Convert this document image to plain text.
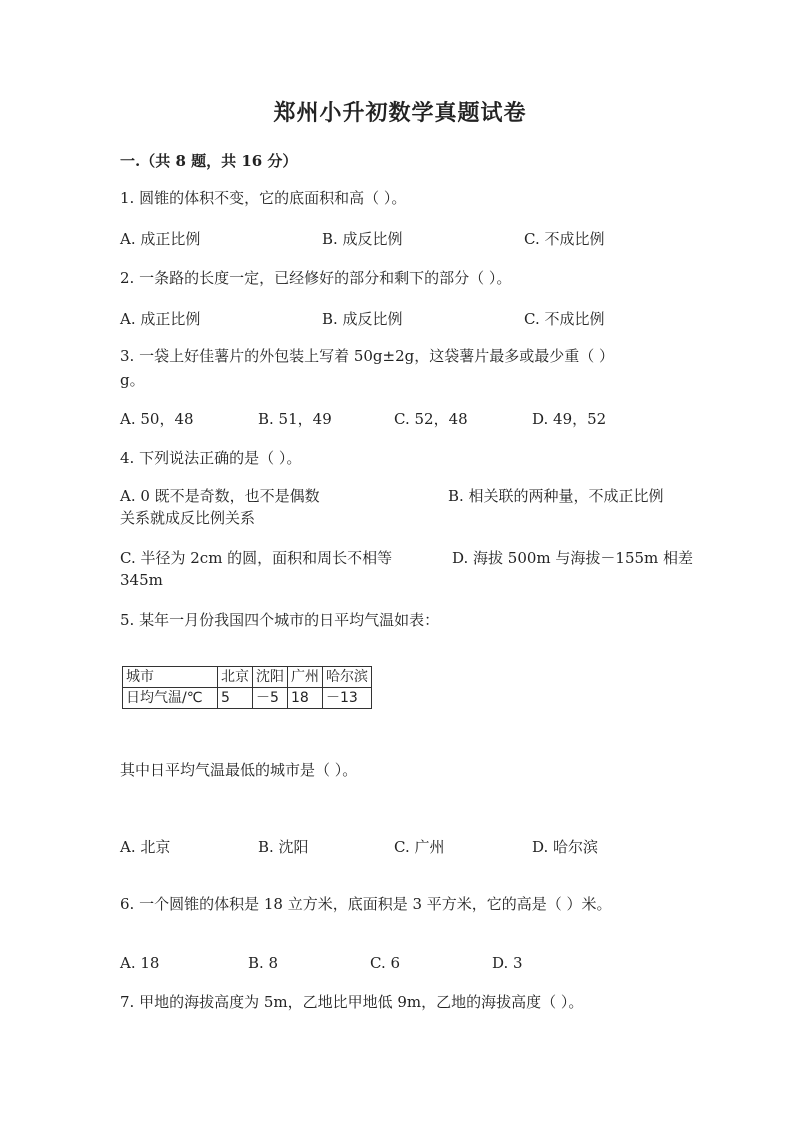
郑州小升初数学真题试卷
一.（共 8 题，共 16 分）
1. 圆锥的体积不变，它的底面积和高（ ）。
A. 成正比例	B. 成反比例	C. 不成比例
2. 一条路的长度一定，已经修好的部分和剩下的部分（ ）。
A. 成正比例	B. 成反比例	C. 不成比例
3. 一袋上好佳薯片的外包装上写着 50g±2g，这袋薯片最多或最少重（ ）
g。
A. 50，48	B. 51，49	C. 52，48	D. 49，52
4. 下列说法正确的是（ ）。
A. 0 既不是奇数，也不是偶数	B. 相关联的两种量，不成正比例
关系就成反比例关系
C. 半径为 2cm 的圆，面积和周长不相等	D. 海拔 500m 与海拔－155m 相差
345m
5. 某年一月份我国四个城市的日平均气温如表：
城市	北京	沈阳	广州	哈尔滨
日均气温/℃	5	－5	18	－13
其中日平均气温最低的城市是（ ）。
A. 北京	B. 沈阳	C. 广州	D. 哈尔滨
6. 一个圆锥的体积是 18 立方米，底面积是 3 平方米，它的高是（ ）米。
A. 18	B. 8	C. 6	D. 3
7. 甲地的海拔高度为 5m，乙地比甲地低 9m，乙地的海拔高度（ ）。
